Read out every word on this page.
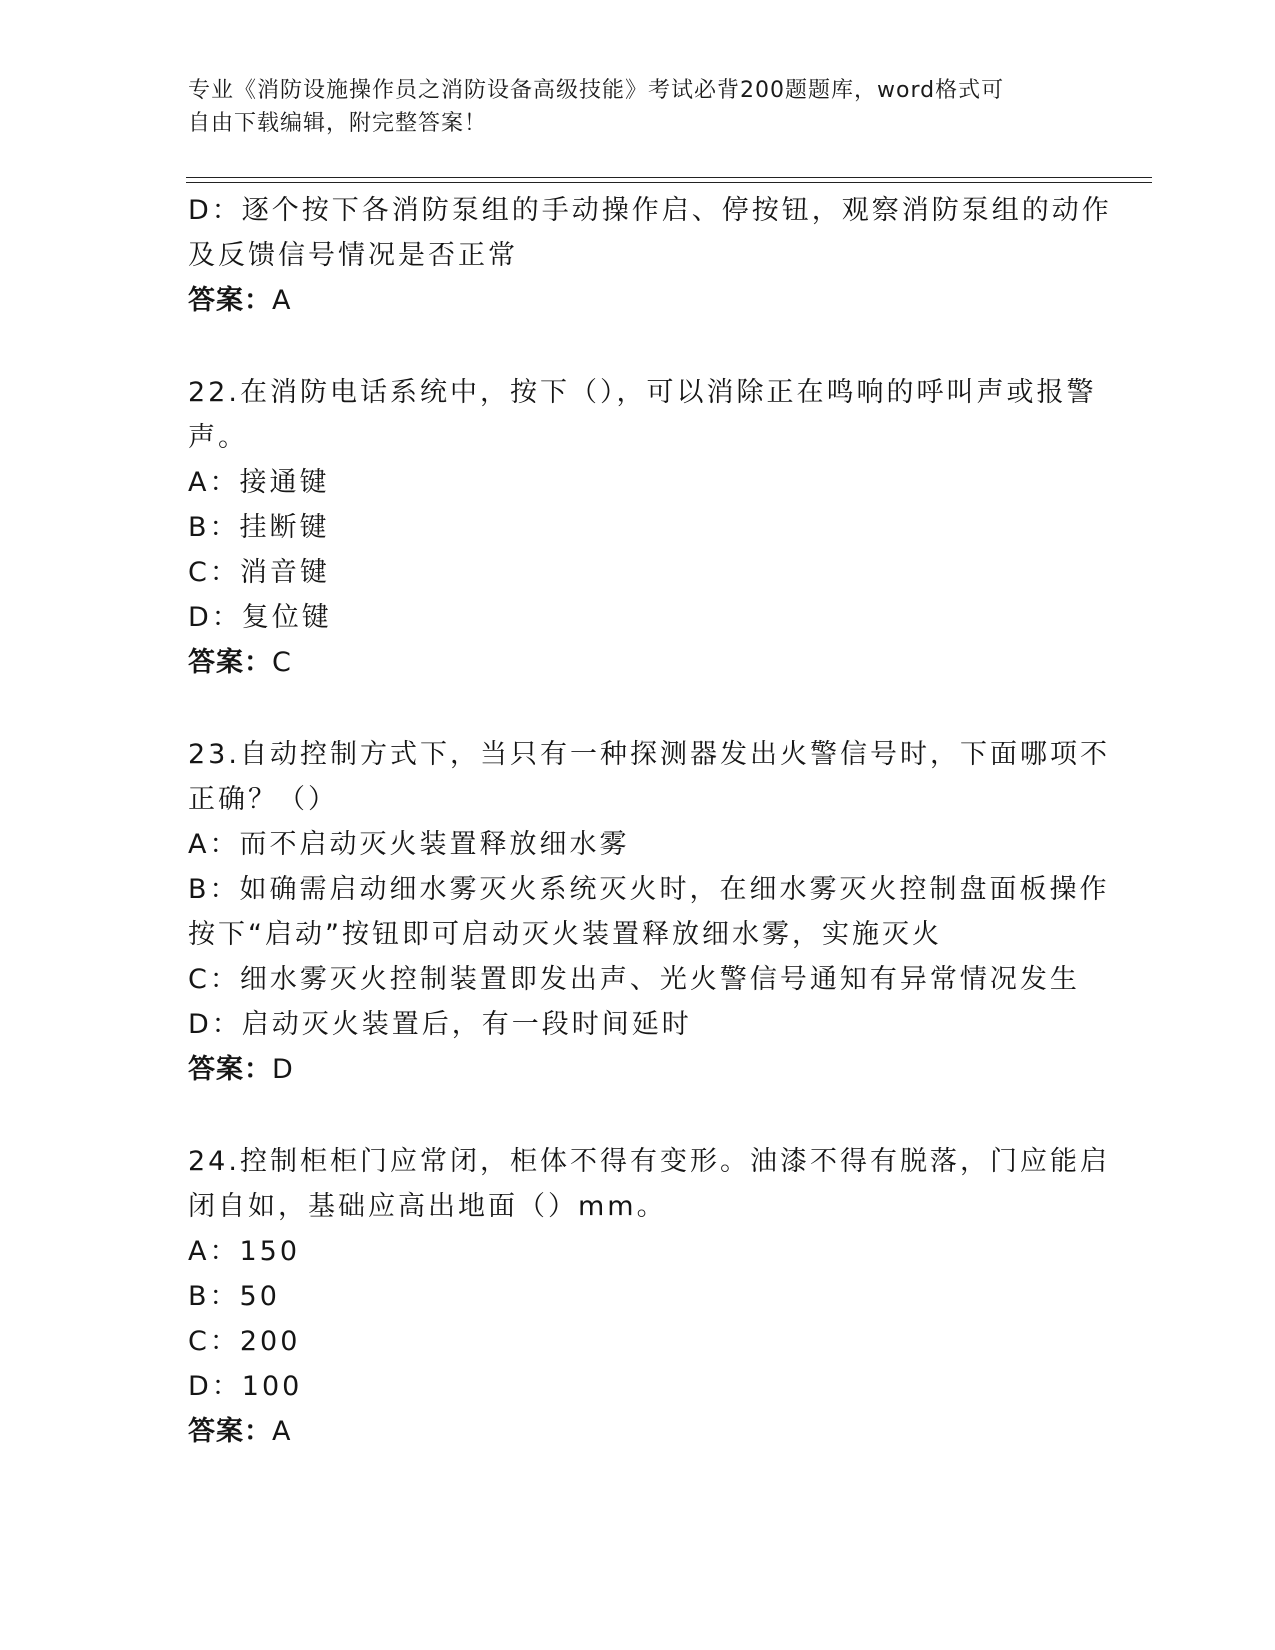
专业《消防设施操作员之消防设备高级技能》考试必背200题题库，word格式可
自由下载编辑，附完整答案！
D：逐个按下各消防泵组的手动操作启、停按钮，观察消防泵组的动作
及反馈信号情况是否正常
答案：A
22.在消防电话系统中，按下（），可以消除正在鸣响的呼叫声或报警
声。
A：接通键
B：挂断键
C：消音键
D：复位键
答案：C
23.自动控制方式下，当只有一种探测器发出火警信号时，下面哪项不
正确？（）
A：而不启动灭火装置释放细水雾
B：如确需启动细水雾灭火系统灭火时，在细水雾灭火控制盘面板操作
按下“启动”按钮即可启动灭火装置释放细水雾，实施灭火
C：细水雾灭火控制装置即发出声、光火警信号通知有异常情况发生
D：启动灭火装置后，有一段时间延时
答案：D
24.控制柜柜门应常闭，柜体不得有变形。油漆不得有脱落，门应能启
闭自如，基础应高出地面（）mm。
A：150
B：50
C：200
D：100
答案：A
